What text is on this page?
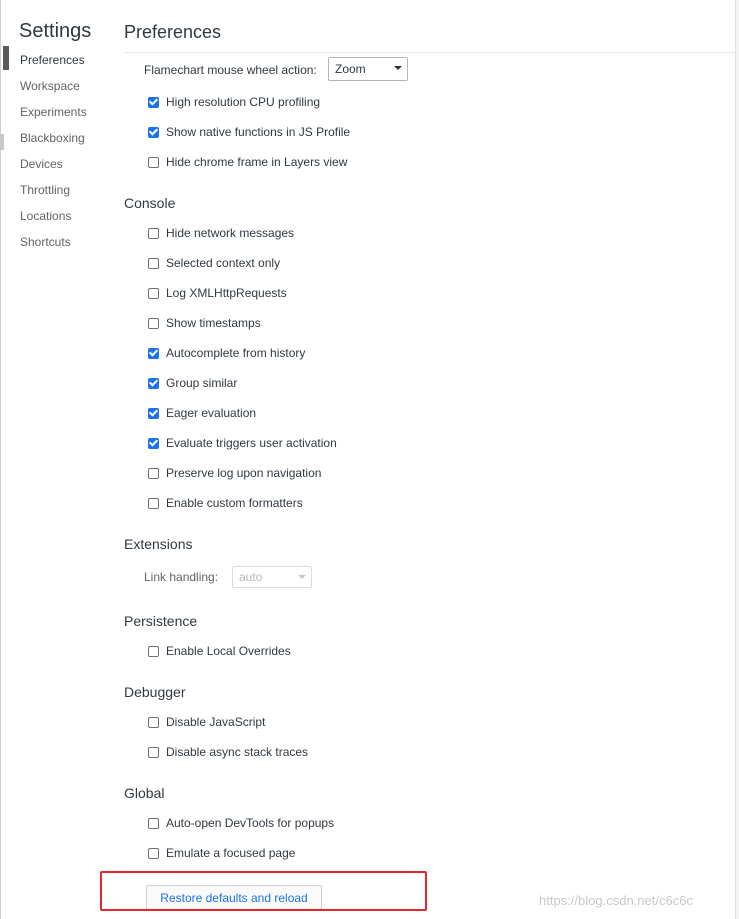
Settings
Preferences
Workspace
Experiments
Blackboxing
Devices
Throttling
Locations
Shortcuts
Preferences
Flamechart mouse wheel action: Zoom
High resolution CPU profiling
Show native functions in JS Profile
Hide chrome frame in Layers view
Console
Hide network messages
Selected context only
Log XMLHttpRequests
Show timestamps
Autocomplete from history
Group similar
Eager evaluation
Evaluate triggers user activation
Preserve log upon navigation
Enable custom formatters
Extensions
Link handling: auto
Persistence
Enable Local Overrides
Debugger
Disable JavaScript
Disable async stack traces
Global
Auto-open DevTools for popups
Emulate a focused page
Restore defaults and reload	https://blog.csdn.net/c6c6c
